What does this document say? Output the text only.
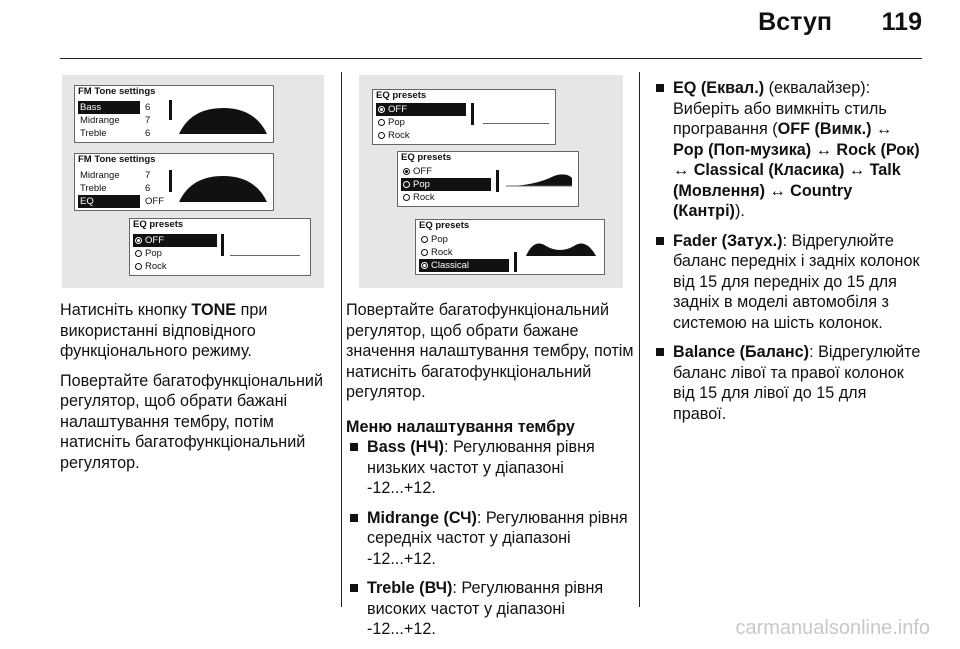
Вступ 119
FM Tone settings
Bass
Midrange
Treble
6
7
6
FM Tone settings
Midrange
Treble
EQ
7
6
OFF
EQ presets
OFF
Pop
Rock

Натисніть кнопку TONE при використанні відповідного функціонального режиму.

Повертайте багатофункціональний регулятор, щоб обрати бажані налаштування тембру, потім натисніть багатофункціональний регулятор.

EQ presets
OFF
Pop
Rock
EQ presets
OFF
Pop
Rock
EQ presets
Pop
Rock
Classical

Повертайте багатофункціональний регулятор, щоб обрати бажане значення налаштування тембру, потім натисніть багатофункціональний регулятор.

Меню налаштування тембру
Bass (НЧ): Регулювання рівня низьких частот у діапазоні -12...+12.
Midrange (СЧ): Регулювання рівня середніх частот у діапазоні -12...+12.
Treble (ВЧ): Регулювання рівня високих частот у діапазоні -12...+12.
EQ (Еквал.) (еквалайзер): Виберіть або вимкніть стиль програвання (OFF (Вимк.) ↔ Pop (Поп-музика) ↔ Rock (Рок) ↔ Classical (Класика) ↔ Talk (Мовлення) ↔ Country (Кантрі)).
Fader (Затух.): Відрегулюйте баланс передніх і задніх колонок від 15 для передніх до 15 для задніх в моделі автомобіля з системою на шість колонок.
Balance (Баланс): Відрегулюйте баланс лівої та правої колонок від 15 для лівої до 15 для правої.
carmanualsonline.info
